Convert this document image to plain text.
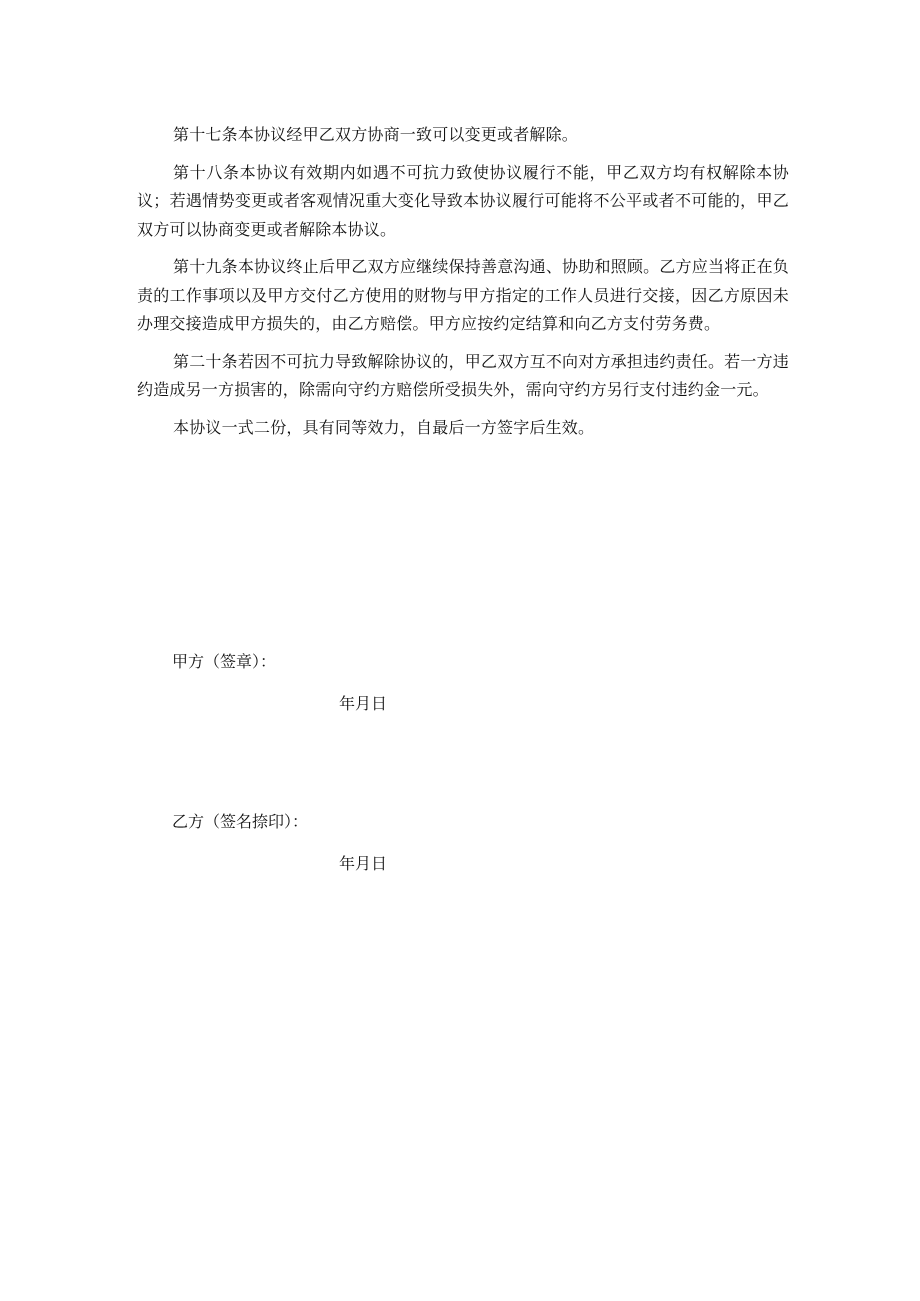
第十七条本协议经甲乙双方协商一致可以变更或者解除。

第十八条本协议有效期内如遇不可抗力致使协议履行不能，甲乙双方均有权解除本协议；若遇情势变更或者客观情况重大变化导致本协议履行可能将不公平或者不可能的，甲乙双方可以协商变更或者解除本协议。

第十九条本协议终止后甲乙双方应继续保持善意沟通、协助和照顾。乙方应当将正在负责的工作事项以及甲方交付乙方使用的财物与甲方指定的工作人员进行交接，因乙方原因未办理交接造成甲方损失的，由乙方赔偿。甲方应按约定结算和向乙方支付劳务费。

第二十条若因不可抗力导致解除协议的，甲乙双方互不向对方承担违约责任。若一方违约造成另一方损害的，除需向守约方赔偿所受损失外，需向守约方另行支付违约金一元。

本协议一式二份，具有同等效力，自最后一方签字后生效。

甲方（签章）：
年月日
乙方（签名捺印）：
年月日
